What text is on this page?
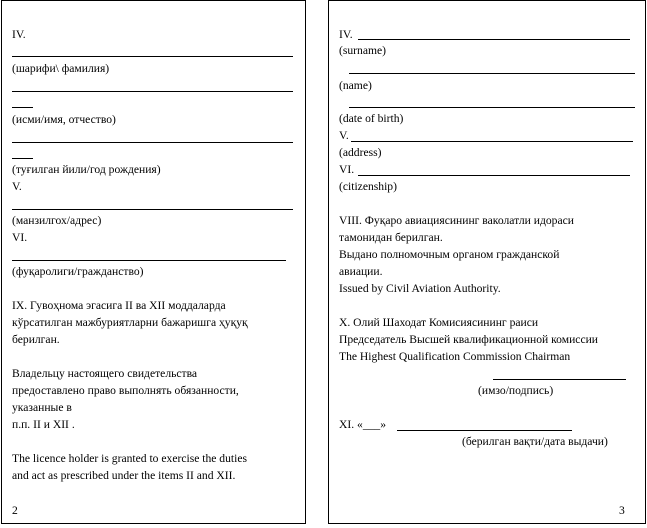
IV.
(шарифи\ фамилия)
(исми/имя, отчество)
(туғилган йили/год рождения)
V.
(манзилгох/адрес)
VI.
(фуқаролиги/гражданство)
IX. Гувоҳнома эгасига II ва XII моддаларда
кўрсатилган мажбуриятларни бажаришга ҳуқуқ
берилган.
Владельцу настоящего свидетельства
предоставлено право выполнять обязанности,
указанные в
п.п. II и XII .
The licence holder is granted to exercise the duties
and act as prescribed under the items II and XII.
2
IV.
(surname)
(name)
(date of birth)
V.
(address)
VI.
(citizenship)
VIII. Фуқаро авиациясининг ваколатли идораси
тамонидан берилган.
Выдано полномочным органом гражданской
авиации.
Issued by Civil Aviation Authority.
X. Олий Шаходат Комисиясининг раиси
Председатель Высшей квалификационной комиссии
The Highest Qualification Commission Chairman
(имзо/подпись)
XI. «___»
(берилган вақти/дата выдачи)
3
